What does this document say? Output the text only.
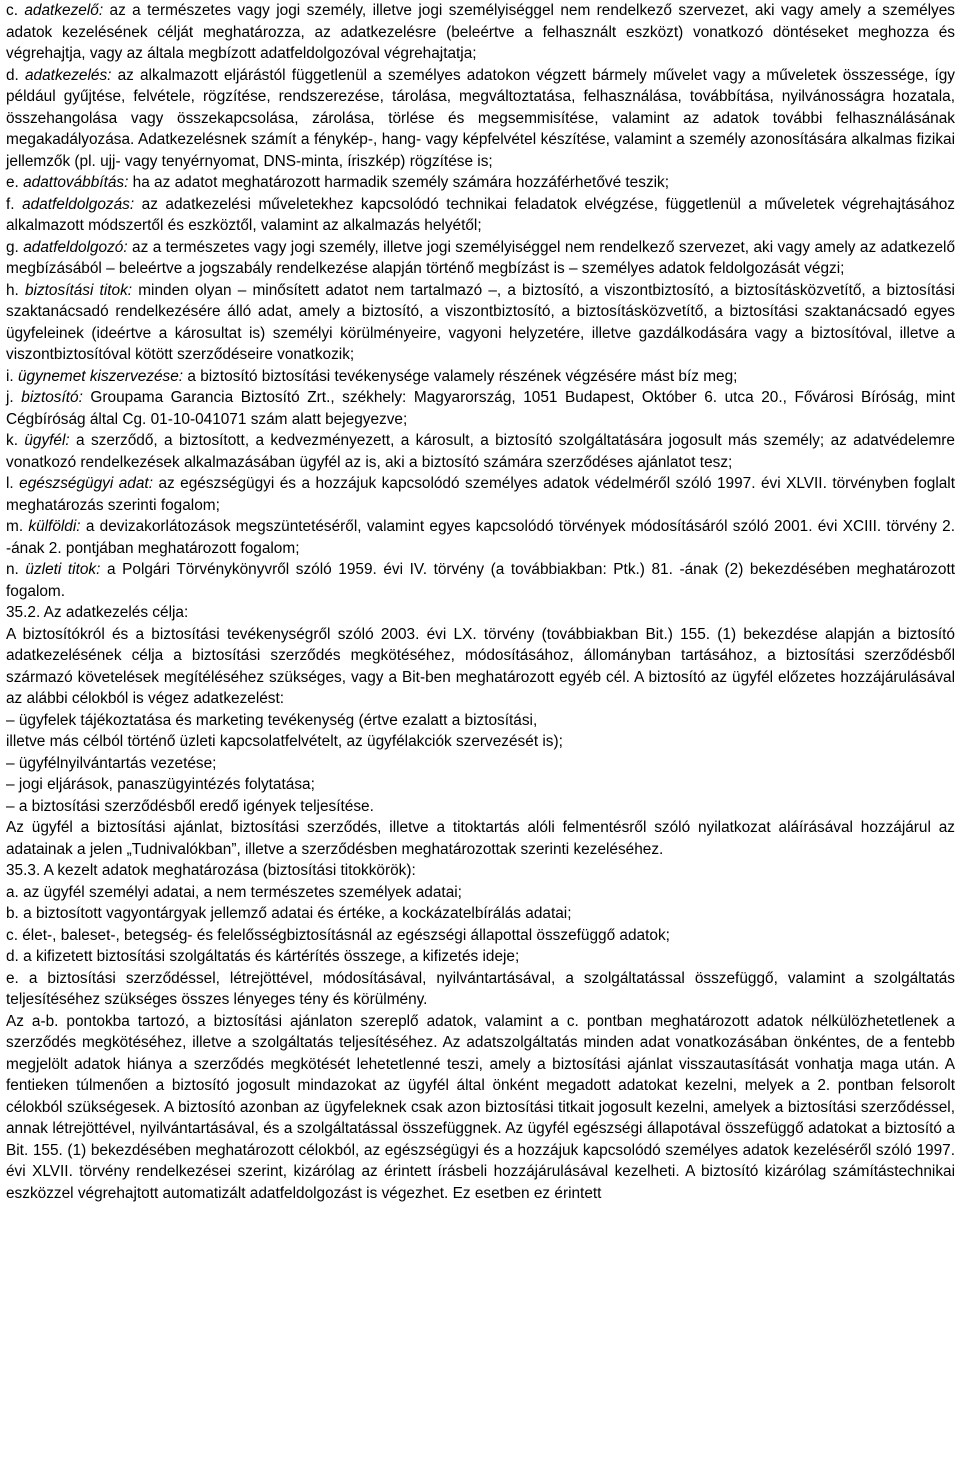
c. adatkezelő: az a természetes vagy jogi személy, illetve jogi személyiséggel nem rendelkező szervezet, aki vagy amely a személyes adatok kezelésének célját meghatározza, az adatkezelésre (beleértve a felhasznált eszközt) vonatkozó döntéseket meghozza és végrehajtja, vagy az általa megbízott adatfeldolgozóval végrehajtatja;

d. adatkezelés: az alkalmazott eljárástól függetlenül a személyes adatokon végzett bármely művelet vagy a műveletek összessége, így például gyűjtése, felvétele, rögzítése, rendszerezése, tárolása, megváltoztatása, felhasználása, továbbítása, nyilvánosságra hozatala, összehangolása vagy összekapcsolása, zárolása, törlése és megsemmisítése, valamint az adatok további felhasználásának megakadályozása. Adatkezelésnek számít a fénykép-, hang- vagy képfelvétel készítése, valamint a személy azonosítására alkalmas fizikai jellemzők (pl. ujj- vagy tenyérnyomat, DNS-minta, íriszkép) rögzítése is;

e. adattovábbítás: ha az adatot meghatározott harmadik személy számára hozzáférhetővé teszik;

f. adatfeldolgozás: az adatkezelési műveletekhez kapcsolódó technikai feladatok elvégzése, függetlenül a műveletek végrehajtásához alkalmazott módszertől és eszköztől, valamint az alkalmazás helyétől;

g. adatfeldolgozó: az a természetes vagy jogi személy, illetve jogi személyiséggel nem rendelkező szervezet, aki vagy amely az adatkezelő megbízásából – beleértve a jogszabály rendelkezése alapján történő megbízást is – személyes adatok feldolgozását végzi;

h. biztosítási titok: minden olyan – minősített adatot nem tartalmazó –, a biztosító, a viszontbiztosító, a biztosításközvetítő, a biztosítási szaktanácsadó rendelkezésére álló adat, amely a biztosító, a viszontbiztosító, a biztosításközvetítő, a biztosítási szaktanácsadó egyes ügyfeleinek (ideértve a károsultat is) személyi körülményeire, vagyoni helyzetére, illetve gazdálkodására vagy a biztosítóval, illetve a viszontbiztosítóval kötött szerződéseire vonatkozik;

i. ügynemet kiszervezése: a biztosító biztosítási tevékenysége valamely részének végzésére mást bíz meg;

j. biztosító: Groupama Garancia Biztosító Zrt., székhely: Magyarország, 1051 Budapest, Október 6. utca 20., Fővárosi Bíróság, mint Cégbíróság által Cg. 01-10-041071 szám alatt bejegyezve;

k. ügyfél: a szerződő, a biztosított, a kedvezményezett, a károsult, a biztosító szolgáltatására jogosult más személy; az adatvédelemre vonatkozó rendelkezések alkalmazásában ügyfél az is, aki a biztosító számára szerződéses ajánlatot tesz;

l. egészségügyi adat: az egészségügyi és a hozzájuk kapcsolódó személyes adatok védelméről szóló 1997. évi XLVII. törvényben foglalt meghatározás szerinti fogalom;

m. külföldi: a devizakorlátozások megszüntetéséről, valamint egyes kapcsolódó törvények módosításáról szóló 2001. évi XCIII. törvény 2. -ának 2. pontjában meghatározott fogalom;

n. üzleti titok: a Polgári Törvénykönyvről szóló 1959. évi IV. törvény (a továbbiakban: Ptk.) 81. -ának (2) bekezdésében meghatározott fogalom.

35.2. Az adatkezelés célja:

A biztosítókról és a biztosítási tevékenységről szóló 2003. évi LX. törvény (továbbiakban Bit.) 155. (1) bekezdése alapján a biztosító adatkezelésének célja a biztosítási szerződés megkötéséhez, módosításához, állományban tartásához, a biztosítási szerződésből származó követelések megítéléséhez szükséges, vagy a Bit-ben meghatározott egyéb cél. A biztosító az ügyfél előzetes hozzájárulásával az alábbi célokból is végez adatkezelést:

– ügyfelek tájékoztatása és marketing tevékenység (értve ezalatt a biztosítási,

illetve más célból történő üzleti kapcsolatfelvételt, az ügyfélakciók szervezését is);

– ügyfélnyilvántartás vezetése;

– jogi eljárások, panaszügyintézés folytatása;

– a biztosítási szerződésből eredő igények teljesítése.

Az ügyfél a biztosítási ajánlat, biztosítási szerződés, illetve a titoktartás alóli felmentésről szóló nyilatkozat aláírásával hozzájárul az adatainak a jelen „Tudnivalókban”, illetve a szerződésben meghatározottak szerinti kezeléséhez.

35.3. A kezelt adatok meghatározása (biztosítási titokkörök):

a. az ügyfél személyi adatai, a nem természetes személyek adatai;

b. a biztosított vagyontárgyak jellemző adatai és értéke, a kockázatelbírálás adatai;

c. élet-, baleset-, betegség- és felelősségbiztosításnál az egészségi állapottal összefüggő adatok;

d. a kifizetett biztosítási szolgáltatás és kártérítés összege, a kifizetés ideje;

e. a biztosítási szerződéssel, létrejöttével, módosításával, nyilvántartásával, a szolgáltatással összefüggő, valamint a szolgáltatás teljesítéséhez szükséges összes lényeges tény és körülmény.

Az a-b. pontokba tartozó, a biztosítási ajánlaton szereplő adatok, valamint a c. pontban meghatározott adatok nélkülözhetetlenek a szerződés megkötéséhez, illetve a szolgáltatás teljesítéséhez. Az adatszolgáltatás minden adat vonatkozásában önkéntes, de a fentebb megjelölt adatok hiánya a szerződés megkötését lehetetlenné teszi, amely a biztosítási ajánlat visszautasítását vonhatja maga után. A fentieken túlmenően a biztosító jogosult mindazokat az ügyfél által önként megadott adatokat kezelni, melyek a 2. pontban felsorolt célokból szükségesek. A biztosító azonban az ügyfeleknek csak azon biztosítási titkait jogosult kezelni, amelyek a biztosítási szerződéssel, annak létrejöttével, nyilvántartásával, és a szolgáltatással összefüggnek. Az ügyfél egészségi állapotával összefüggő adatokat a biztosító a Bit. 155. (1) bekezdésében meghatározott célokból, az egészségügyi és a hozzájuk kapcsolódó személyes adatok kezeléséről szóló 1997. évi XLVII. törvény rendelkezései szerint, kizárólag az érintett írásbeli hozzájárulásával kezelheti. A biztosító kizárólag számítástechnikai eszközzel végrehajtott automatizált adatfeldolgozást is végezhet. Ez esetben ez érintett
